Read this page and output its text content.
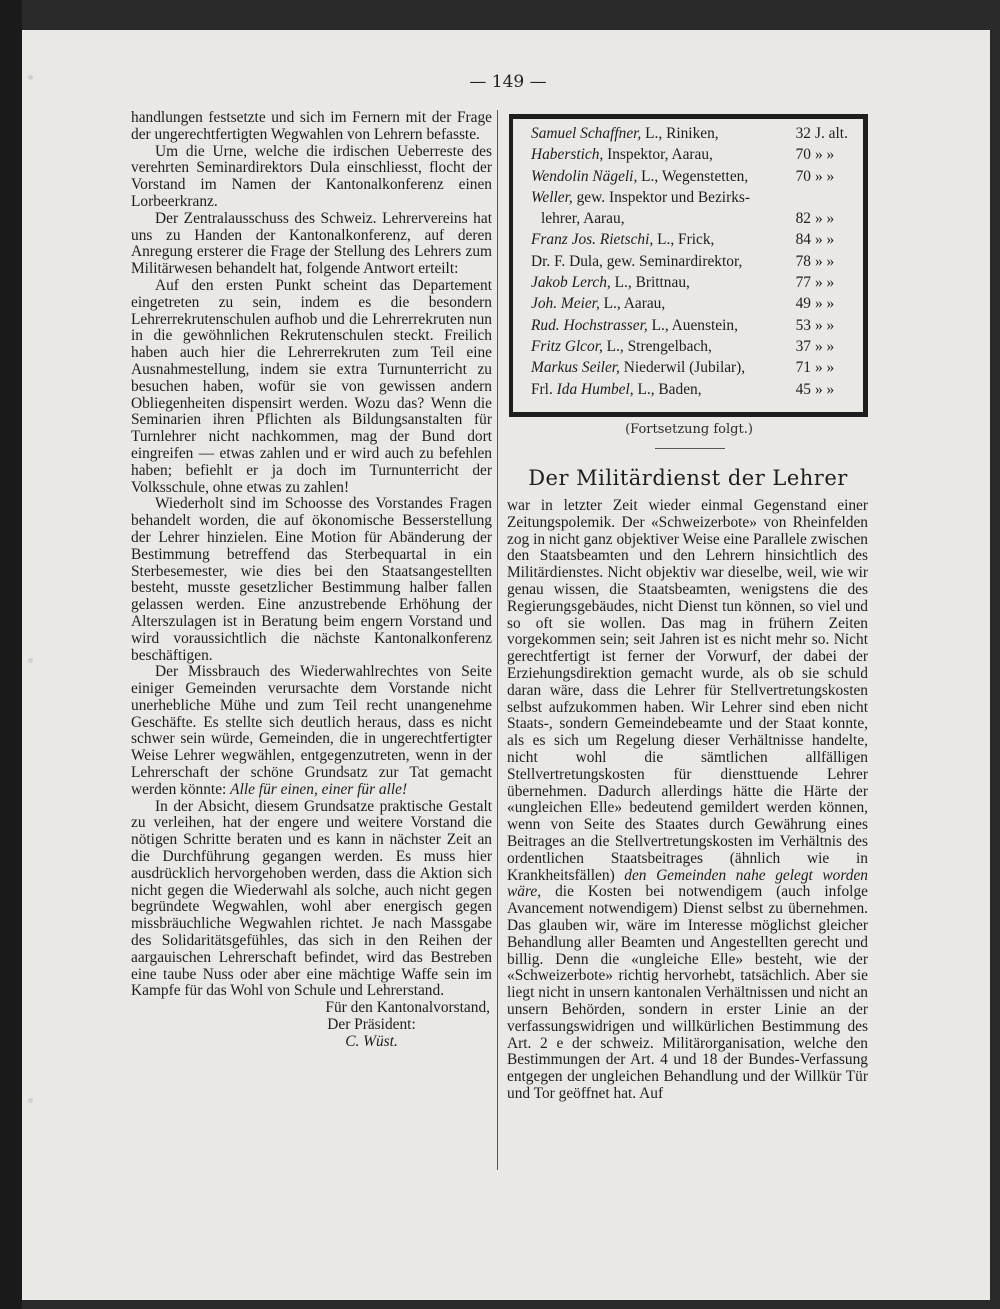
— 149 —

handlungen festsetzte und sich im Fernern mit der Frage der ungerechtfertigten Wegwahlen von Lehrern befasste.

Um die Urne, welche die irdischen Ueberreste des verehrten Seminardirektors Dula einschliesst, flocht der Vorstand im Namen der Kantonalkonferenz einen Lorbeerkranz.

Der Zentralausschuss des Schweiz. Lehrervereins hat uns zu Handen der Kantonalkonferenz, auf deren Anregung ersterer die Frage der Stellung des Lehrers zum Militärwesen behandelt hat, folgende Antwort erteilt:

Auf den ersten Punkt scheint das Departement eingetreten zu sein, indem es die besondern Lehrerrekrutenschulen aufhob und die Lehrerrekruten nun in die gewöhnlichen Rekrutenschulen steckt. Freilich haben auch hier die Lehrerrekruten zum Teil eine Ausnahmestellung, indem sie extra Turnunterricht zu besuchen haben, wofür sie von gewissen andern Obliegenheiten dispensirt werden. Wozu das? Wenn die Seminarien ihren Pflichten als Bildungsanstalten für Turnlehrer nicht nachkommen, mag der Bund dort eingreifen — etwas zahlen und er wird auch zu befehlen haben; befiehlt er ja doch im Turnunterricht der Volksschule, ohne etwas zu zahlen!

Wiederholt sind im Schoosse des Vorstandes Fragen behandelt worden, die auf ökonomische Besserstellung der Lehrer hinzielen. Eine Motion für Abänderung der Bestimmung betreffend das Sterbequartal in ein Sterbesemester, wie dies bei den Staatsangestellten besteht, musste gesetzlicher Bestimmung halber fallen gelassen werden. Eine anzustrebende Erhöhung der Alterszulagen ist in Beratung beim engern Vorstand und wird voraussichtlich die nächste Kantonalkonferenz beschäftigen.

Der Missbrauch des Wiederwahlrechtes von Seite einiger Gemeinden verursachte dem Vorstande nicht unerhebliche Mühe und zum Teil recht unangenehme Geschäfte. Es stellte sich deutlich heraus, dass es nicht schwer sein würde, Gemeinden, die in ungerechtfertigter Weise Lehrer wegwählen, entgegenzutreten, wenn in der Lehrerschaft der schöne Grundsatz zur Tat gemacht werden könnte: Alle für einen, einer für alle!

In der Absicht, diesem Grundsatze praktische Gestalt zu verleihen, hat der engere und weitere Vorstand die nötigen Schritte beraten und es kann in nächster Zeit an die Durchführung gegangen werden. Es muss hier ausdrücklich hervorgehoben werden, dass die Aktion sich nicht gegen die Wiederwahl als solche, auch nicht gegen begründete Wegwahlen, wohl aber energisch gegen missbräuchliche Wegwahlen richtet. Je nach Massgabe des Solidaritätsgefühles, das sich in den Reihen der aargauischen Lehrerschaft befindet, wird das Bestreben eine taube Nuss oder aber eine mächtige Waffe sein im Kampfe für das Wohl von Schule und Lehrerstand.

Für den Kantonalvorstand,

Der Präsident:

C. Wüst.

Samuel Schaffner, L., Riniken,	32 J. alt.
Haberstich, Inspektor, Aarau,	70 » »
Wendolin Nägeli, L., Wegenstetten,	70 » »
Weller, gew. Inspektor und Bezirks-
lehrer, Aarau,	82 » »
Franz Jos. Rietschi, L., Frick,	84 » »
Dr. F. Dula, gew. Seminardirektor,	78 » »
Jakob Lerch, L., Brittnau,	77 » »
Joh. Meier, L., Aarau,	49 » »
Rud. Hochstrasser, L., Auenstein,	53 » »
Fritz Glcor, L., Strengelbach,	37 » »
Markus Seiler, Niederwil (Jubilar),	71 » »
Frl. Ida Humbel, L., Baden,	45 » »
(Fortsetzung folgt.)
Der Militärdienst der Lehrer

war in letzter Zeit wieder einmal Gegenstand einer Zeitungspolemik. Der «Schweizerbote» von Rheinfelden zog in nicht ganz objektiver Weise eine Parallele zwischen den Staatsbeamten und den Lehrern hinsichtlich des Militärdienstes. Nicht objektiv war dieselbe, weil, wie wir genau wissen, die Staatsbeamten, wenigstens die des Regierungsgebäudes, nicht Dienst tun können, so viel und so oft sie wollen. Das mag in frühern Zeiten vorgekommen sein; seit Jahren ist es nicht mehr so. Nicht gerechtfertigt ist ferner der Vorwurf, der dabei der Erziehungsdirektion gemacht wurde, als ob sie schuld daran wäre, dass die Lehrer für Stellvertretungskosten selbst aufzukommen haben. Wir Lehrer sind eben nicht Staats-, sondern Gemeindebeamte und der Staat konnte, als es sich um Regelung dieser Verhältnisse handelte, nicht wohl die sämtlichen allfälligen Stellvertretungskosten für diensttuende Lehrer übernehmen. Dadurch allerdings hätte die Härte der «ungleichen Elle» bedeutend gemildert werden können, wenn von Seite des Staates durch Gewährung eines Beitrages an die Stellvertretungskosten im Verhältnis des ordentlichen Staatsbeitrages (ähnlich wie in Krankheitsfällen) den Gemeinden nahe gelegt worden wäre, die Kosten bei notwendigem (auch infolge Avancement notwendigem) Dienst selbst zu übernehmen. Das glauben wir, wäre im Interesse möglichst gleicher Behandlung aller Beamten und Angestellten gerecht und billig. Denn die «ungleiche Elle» besteht, wie der «Schweizerbote» richtig hervorhebt, tatsächlich. Aber sie liegt nicht in unsern kantonalen Verhältnissen und nicht an unsern Behörden, sondern in erster Linie an der verfassungswidrigen und willkürlichen Bestimmung des Art. 2 e der schweiz. Militärorganisation, welche den Bestimmungen der Art. 4 und 18 der Bundes-Verfassung entgegen der ungleichen Behandlung und der Willkür Tür und Tor geöffnet hat. Auf
